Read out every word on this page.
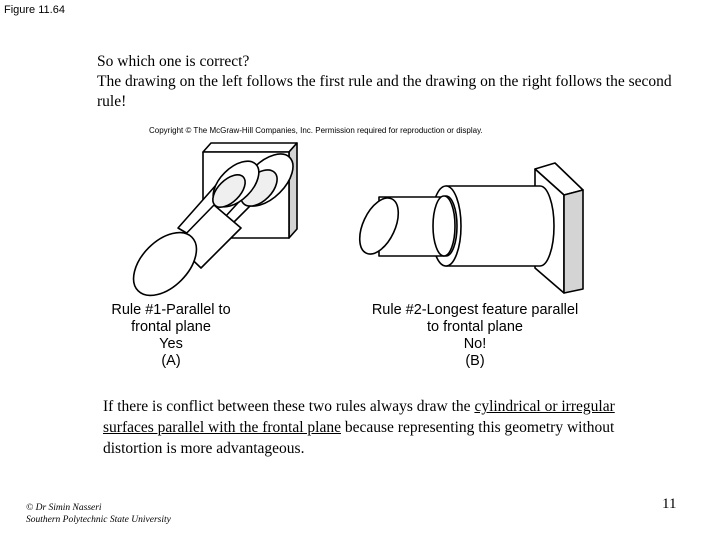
Figure 11.64
So which one is correct?
The drawing on the left follows the first rule and the drawing on the right follows the second rule!
Copyright © The McGraw-Hill Companies, Inc. Permission required for reproduction or display.
Rule #1-Parallel to
frontal plane
Yes
(A)
Rule #2-Longest feature parallel
to frontal plane
No!
(B)
If there is conflict between these two rules always draw the cylindrical or irregular surfaces parallel with the frontal plane because representing this geometry without distortion is more advantageous.
© Dr Simin Nasseri
Southern Polytechnic State University
11
